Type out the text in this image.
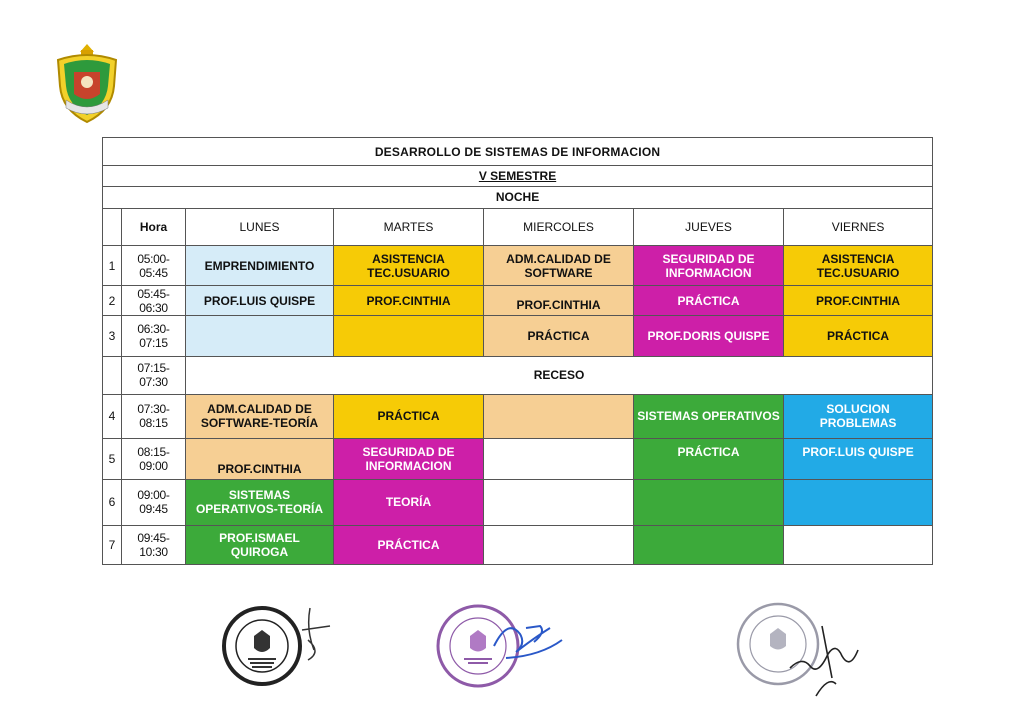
DESARROLLO DE SISTEMAS DE INFORMACION						
V SEMESTRE						
NOCHE						
	Hora	LUNES	MARTES	MIERCOLES	JUEVES	VIERNES
1	05:00-05:45	EMPRENDIMIENTO	ASISTENCIA TEC.USUARIO	ADM.CALIDAD DE SOFTWARE	SEGURIDAD DE INFORMACION	ASISTENCIA TEC.USUARIO
2	05:45-06:30	PROF.LUIS QUISPE	PROF.CINTHIA	PROF.CINTHIA	PRÁCTICA	PROF.CINTHIA
3	06:30-07:15			PRÁCTICA	PROF.DORIS QUISPE	PRÁCTICA
	07:15-07:30	RECESO				
4	07:30-08:15	ADM.CALIDAD DE SOFTWARE-TEORÍA	PRÁCTICA		SISTEMAS OPERATIVOS	SOLUCION PROBLEMAS
5	08:15-09:00	PROF.CINTHIA	SEGURIDAD DE INFORMACION		PRÁCTICA	PROF.LUIS QUISPE
6	09:00-09:45	SISTEMAS OPERATIVOS-TEORÍA	TEORÍA			
7	09:45-10:30	PROF.ISMAEL QUIROGA	PRÁCTICA			
